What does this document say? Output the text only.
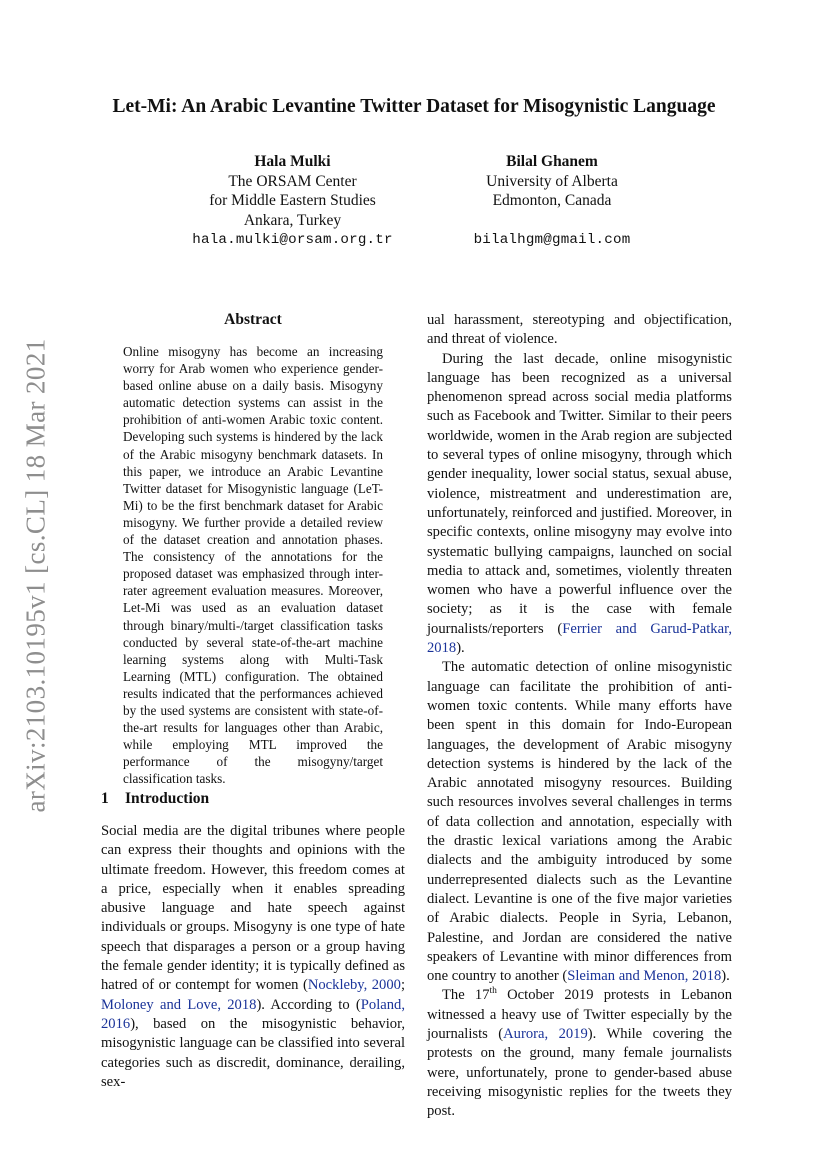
Let-Mi: An Arabic Levantine Twitter Dataset for Misogynistic Language
Hala Mulki
The ORSAM Center
for Middle Eastern Studies
Ankara, Turkey
hala.mulki@orsam.org.tr
Bilal Ghanem
University of Alberta
Edmonton, Canada
bilalhgm@gmail.com
arXiv:2103.10195v1 [cs.CL] 18 Mar 2021
Abstract
Online misogyny has become an increasing worry for Arab women who experience gender-based online abuse on a daily basis. Misogyny automatic detection systems can assist in the prohibition of anti-women Arabic toxic content. Developing such systems is hindered by the lack of the Arabic misogyny benchmark datasets. In this paper, we introduce an Arabic Levantine Twitter dataset for Misogynistic language (LeT-Mi) to be the first benchmark dataset for Arabic misogyny. We further provide a detailed review of the dataset creation and annotation phases. The consistency of the annotations for the proposed dataset was emphasized through inter-rater agreement evaluation measures. Moreover, Let-Mi was used as an evaluation dataset through binary/multi-/target classification tasks conducted by several state-of-the-art machine learning systems along with Multi-Task Learning (MTL) configuration. The obtained results indicated that the performances achieved by the used systems are consistent with state-of-the-art results for languages other than Arabic, while employing MTL improved the performance of the misogyny/target classification tasks.
1 Introduction

Social media are the digital tribunes where people can express their thoughts and opinions with the ultimate freedom. However, this freedom comes at a price, especially when it enables spreading abusive language and hate speech against individuals or groups. Misogyny is one type of hate speech that disparages a person or a group having the female gender identity; it is typically defined as hatred of or contempt for women (Nockleby, 2000; Moloney and Love, 2018). According to (Poland, 2016), based on the misogynistic behavior, misogynistic language can be classified into several categories such as discredit, dominance, derailing, sex-

ual harassment, stereotyping and objectification, and threat of violence.

During the last decade, online misogynistic language has been recognized as a universal phenomenon spread across social media platforms such as Facebook and Twitter. Similar to their peers worldwide, women in the Arab region are subjected to several types of online misogyny, through which gender inequality, lower social status, sexual abuse, violence, mistreatment and underestimation are, unfortunately, reinforced and justified. Moreover, in specific contexts, online misogyny may evolve into systematic bullying campaigns, launched on social media to attack and, sometimes, violently threaten women who have a powerful influence over the society; as it is the case with female journalists/reporters (Ferrier and Garud-Patkar, 2018).

The automatic detection of online misogynistic language can facilitate the prohibition of anti-women toxic contents. While many efforts have been spent in this domain for Indo-European languages, the development of Arabic misogyny detection systems is hindered by the lack of the Arabic annotated misogyny resources. Building such resources involves several challenges in terms of data collection and annotation, especially with the drastic lexical variations among the Arabic dialects and the ambiguity introduced by some underrepresented dialects such as the Levantine dialect. Levantine is one of the five major varieties of Arabic dialects. People in Syria, Lebanon, Palestine, and Jordan are considered the native speakers of Levantine with minor differences from one country to another (Sleiman and Menon, 2018).

The 17th October 2019 protests in Lebanon witnessed a heavy use of Twitter especially by the journalists (Aurora, 2019). While covering the protests on the ground, many female journalists were, unfortunately, prone to gender-based abuse receiving misogynistic replies for the tweets they post.
